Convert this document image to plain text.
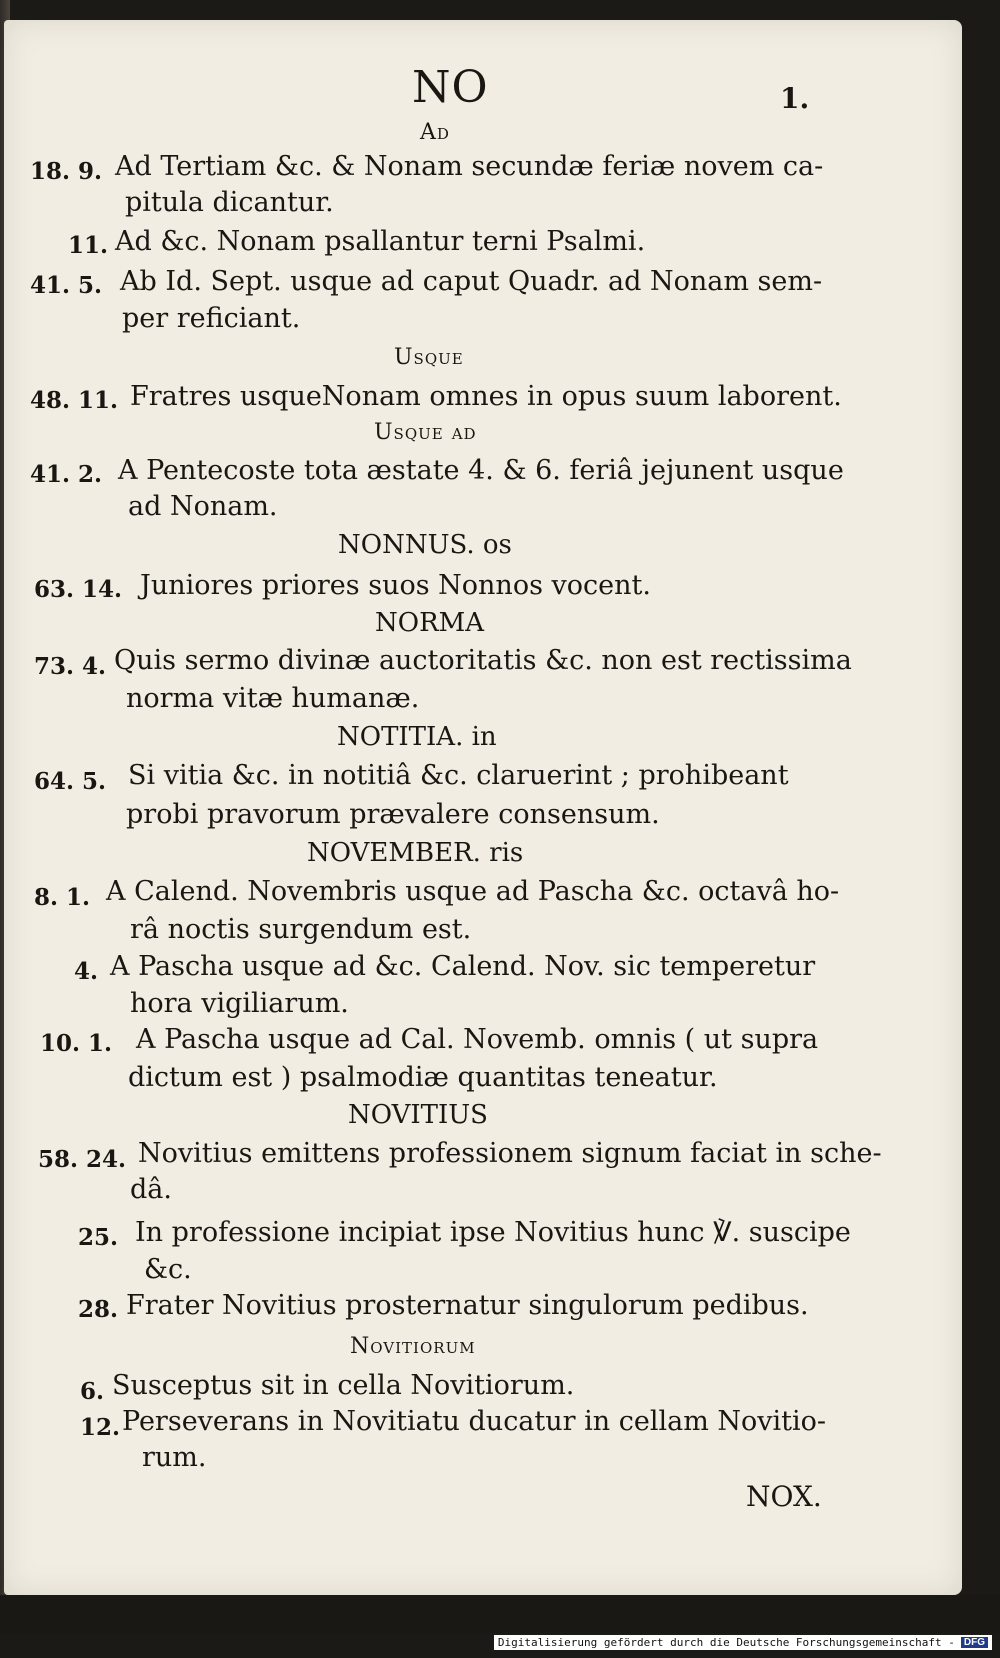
NO	1.
Ad
18. 9. Ad Tertiam &c. & Nonam secundæ feriæ novem ca-
pitula dicantur.
11. Ad &c. Nonam psallantur terni Psalmi.
41. 5. Ab Id. Sept. usque ad caput Quadr. ad Nonam sem-
per reficiant.
Usque
48. 11. Fratres usqueNonam omnes in opus suum laborent.
Usque ad
41. 2. A Pentecoste tota æstate 4. & 6. feriâ jejunent usque
ad Nonam.
NONNUS. os
63. 14. Juniores priores suos Nonnos vocent.
NORMA
73. 4. Quis sermo divinæ auctoritatis &c. non est rectissima
norma vitæ humanæ.
NOTITIA. in
64. 5. Si vitia &c. in notitiâ &c. claruerint ; prohibeant
probi pravorum prævalere consensum.
NOVEMBER. ris
8. 1. A Calend. Novembris usque ad Pascha &c. octavâ ho-
râ noctis surgendum est.
4. A Pascha usque ad &c. Calend. Nov. sic temperetur
hora vigiliarum.
10. 1. A Pascha usque ad Cal. Novemb. omnis ( ut supra
dictum est ) psalmodiæ quantitas teneatur.
NOVITIUS
58. 24. Novitius emittens professionem signum faciat in sche-
dâ.
25. In professione incipiat ipse Novitius hunc ℣. suscipe
&c.
28. Frater Novitius prosternatur singulorum pedibus.
Novitiorum
6. Susceptus sit in cella Novitiorum.
12. Perseverans in Novitiatu ducatur in cellam Novitio-
rum.
NOX.
Digitalisierung gefördert durch die Deutsche Forschungsgemeinschaft - DFG
